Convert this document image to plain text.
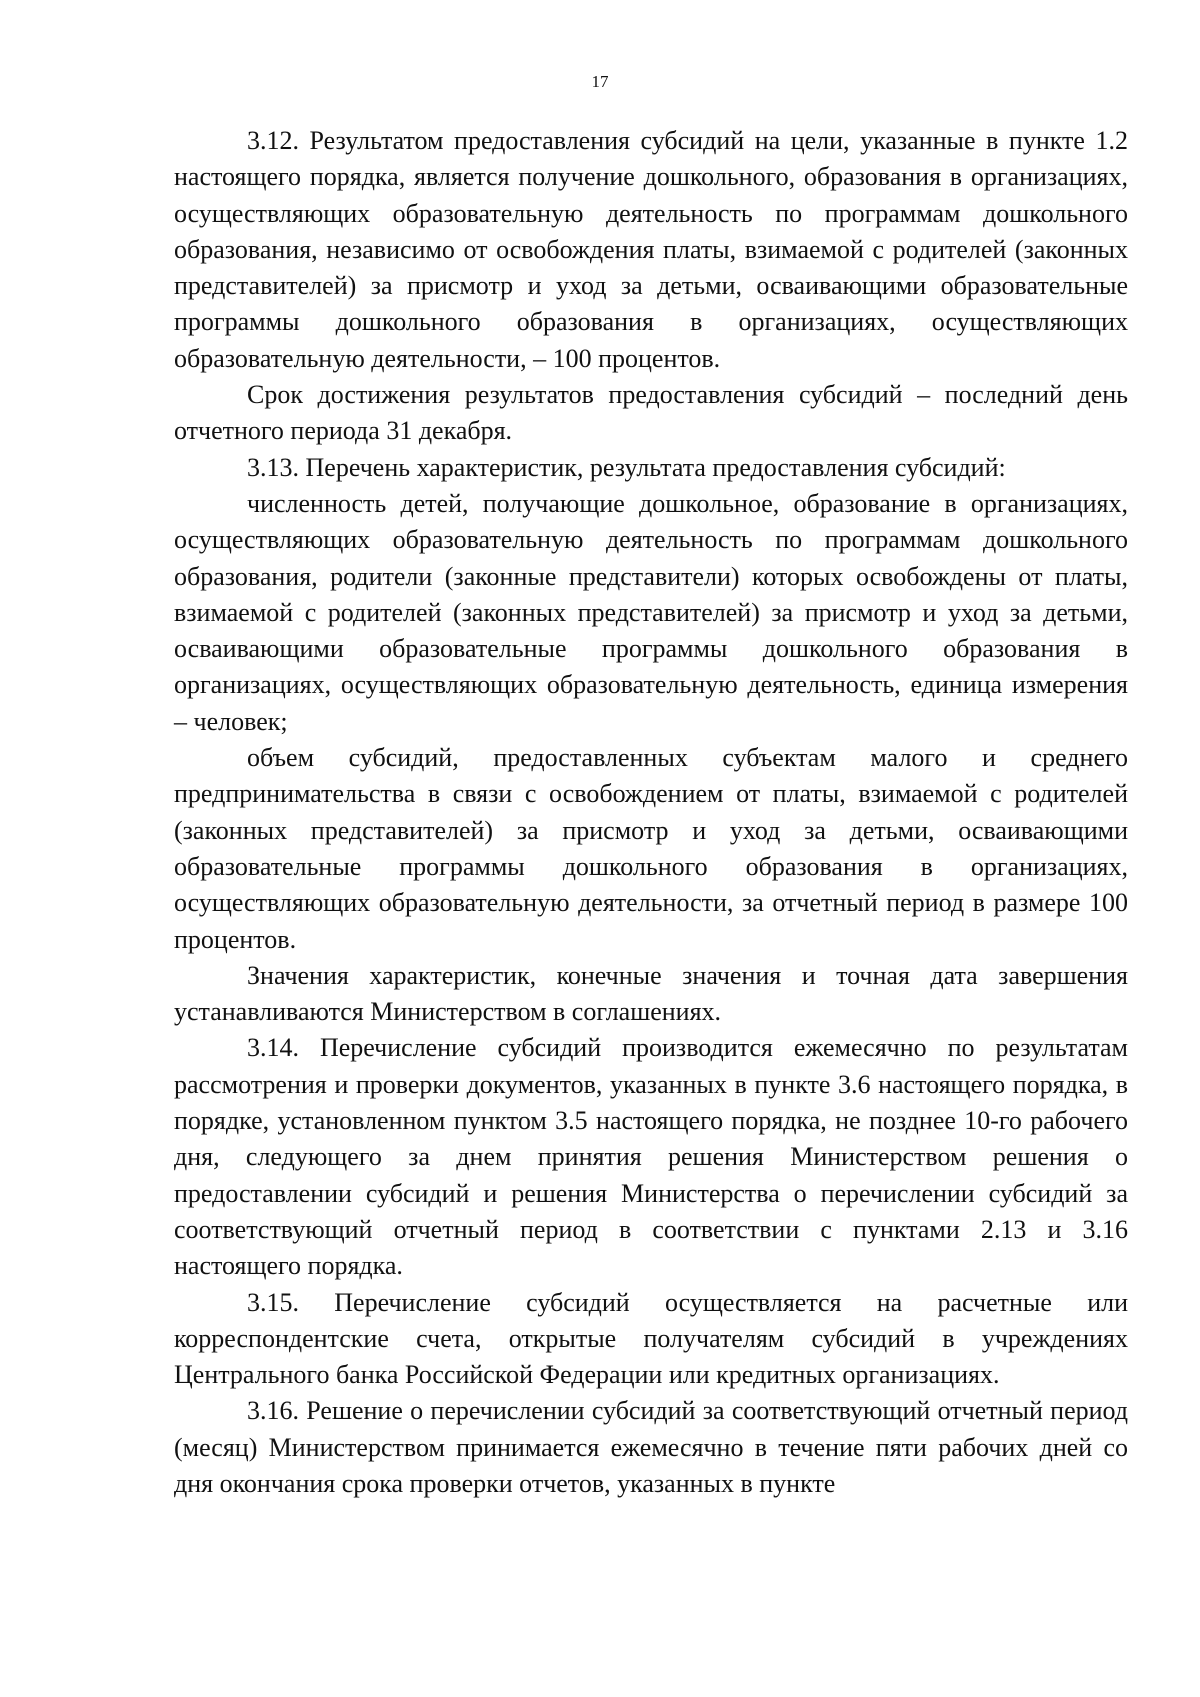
17

3.12. Результатом предоставления субсидий на цели, указанные в пункте 1.2 настоящего порядка, является получение дошкольного, образования в организациях, осуществляющих образовательную деятельность по программам дошкольного образования, независимо от освобождения платы, взимаемой с родителей (законных представителей) за присмотр и уход за детьми, осваивающими образовательные программы дошкольного образования в организациях, осуществляющих образовательную деятельности, – 100 процентов.

Срок достижения результатов предоставления субсидий – последний день отчетного периода 31 декабря.

3.13. Перечень характеристик, результата предоставления субсидий:

численность детей, получающие дошкольное, образование в организациях, осуществляющих образовательную деятельность по программам дошкольного образования, родители (законные представители) которых освобождены от платы, взимаемой с родителей (законных представителей) за присмотр и уход за детьми, осваивающими образовательные программы дошкольного образования в организациях, осуществляющих образовательную деятельность, единица измерения – человек;

объем субсидий, предоставленных субъектам малого и среднего предпринимательства в связи с освобождением от платы, взимаемой с родителей (законных представителей) за присмотр и уход за детьми, осваивающими образовательные программы дошкольного образования в организациях, осуществляющих образовательную деятельности, за отчетный период в размере 100 процентов.

Значения характеристик, конечные значения и точная дата завершения устанавливаются Министерством в соглашениях.

3.14. Перечисление субсидий производится ежемесячно по результатам рассмотрения и проверки документов, указанных в пункте 3.6 настоящего порядка, в порядке, установленном пунктом 3.5 настоящего порядка, не позднее 10-го рабочего дня, следующего за днем принятия решения Министерством решения о предоставлении субсидий и решения Министерства о перечислении субсидий за соответствующий отчетный период в соответствии с пунктами 2.13 и 3.16 настоящего порядка.

3.15. Перечисление субсидий осуществляется на расчетные или корреспондентские счета, открытые получателям субсидий в учреждениях Центрального банка Российской Федерации или кредитных организациях.

3.16. Решение о перечислении субсидий за соответствующий отчетный период (месяц) Министерством принимается ежемесячно в течение пяти рабочих дней со дня окончания срока проверки отчетов, указанных в пункте
